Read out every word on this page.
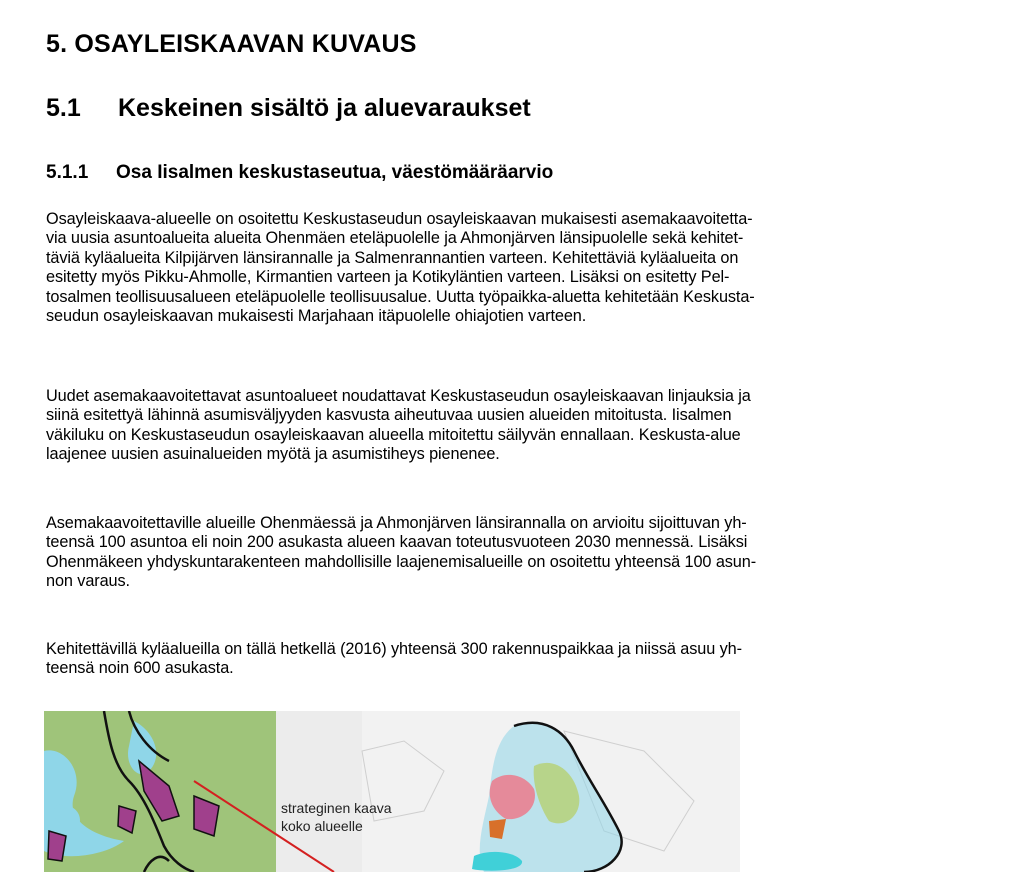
5. OSAYLEISKAAVAN KUVAUS
5.1 Keskeinen sisältö ja aluevaraukset
5.1.1 Osa Iisalmen keskustaseutua, väestömääräarvio

Osayleiskaava-alueelle on osoitettu Keskustaseudun osayleiskaavan mukaisesti asemakaavoitetta-
via uusia asuntoalueita alueita Ohenmäen eteläpuolelle ja Ahmonjärven länsipuolelle sekä kehitet-
täviä kyläalueita Kilpijärven länsirannalle ja Salmenrannantien varteen. Kehitettäviä kyläalueita on
esitetty myös Pikku-Ahmolle, Kirmantien varteen ja Kotikyläntien varteen. Lisäksi on esitetty Pel-
tosalmen teollisuusalueen eteläpuolelle teollisuusalue. Uutta työpaikka-aluetta kehitetään Keskusta-
seudun osayleiskaavan mukaisesti Marjahaan itäpuolelle ohiajotien varteen.

Uudet asemakaavoitettavat asuntoalueet noudattavat Keskustaseudun osayleiskaavan linjauksia ja
siinä esitettyä lähinnä asumisväljyyden kasvusta aiheutuvaa uusien alueiden mitoitusta. Iisalmen
väkiluku on Keskustaseudun osayleiskaavan alueella mitoitettu säilyvän ennallaan. Keskusta-alue
laajenee uusien asuinalueiden myötä ja asumistiheys pienenee.

Asemakaavoitettaville alueille Ohenmäessä ja Ahmonjärven länsirannalla on arvioitu sijoittuvan yh-
teensä 100 asuntoa eli noin 200 asukasta alueen kaavan toteutusvuoteen 2030 mennessä. Lisäksi
Ohenmäkeen yhdyskuntarakenteen mahdollisille laajenemisalueille on osoitettu yhteensä 100 asun-
non varaus.

Kehitettävillä kyläalueilla on tällä hetkellä (2016) yhteensä 300 rakennuspaikkaa ja niissä asuu yh-
teensä noin 600 asukasta.

strateginen kaava
koko alueelle
